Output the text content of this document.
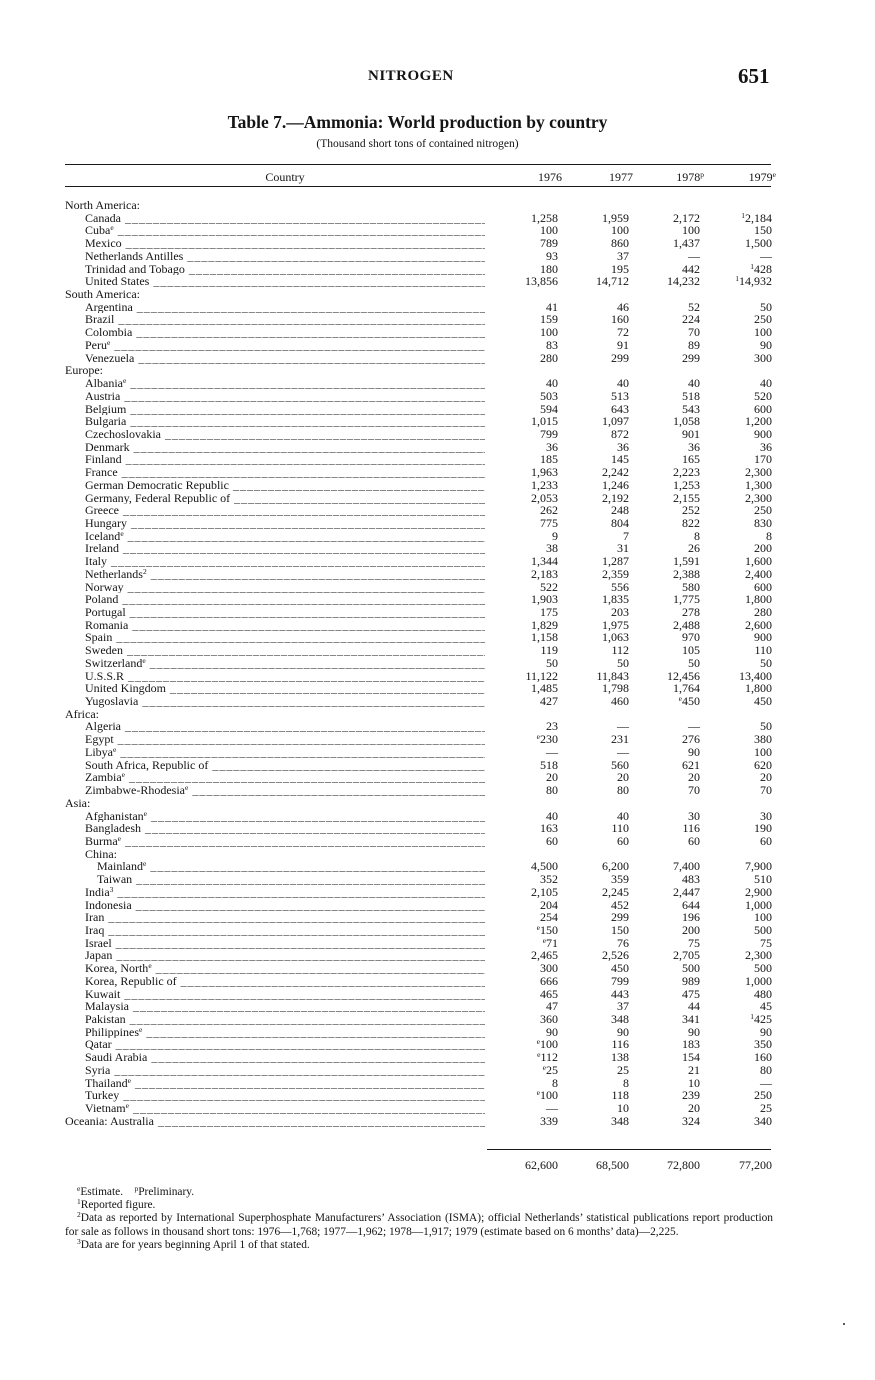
NITROGEN	651
Table 7.—Ammonia: World production by country
(Thousand short tons of contained nitrogen)
Country	1976	1977	1978$^p$	1979e
North America:
Canada _____	1,258	1,959	2,172	$^1$2,184
Cuba$^e$ _____	100	100	100	150
Mexico _____	789	860	1,437	1,500
Netherlands Antilles _____	93	37	—	—
Trinidad and Tobago _____	180	195	442	$^1$428
United States _____	13,856	14,712	14,232	$^1$14,932
South America:
Argentina _____	41	46	52	50
Brazil _____	159	160	224	250
Colombia _____	100	72	70	100
Peru$^e$ _____	83	91	89	90
Venezuela _____	280	299	299	300
Europe:
Albania$^e$ _____	40	40	40	40
Austria _____	503	513	518	520
Belgium _____	594	643	543	600
Bulgaria _____	1,015	1,097	1,058	1,200
Czechoslovakia _____	799	872	901	900
Denmark _____	36	36	36	36
Finland _____	185	145	165	170
France _____	1,963	2,242	2,223	2,300
German Democratic Republic _____	1,233	1,246	1,253	1,300
Germany, Federal Republic of _____	2,053	2,192	2,155	2,300
Greece _____	262	248	252	250
Hungary _____	775	804	822	830
Iceland$^e$ _____	9	7	8	8
Ireland _____	38	31	26	200
Italy _____	1,344	1,287	1,591	1,600
Netherlands$^2$ _____	2,183	2,359	2,388	2,400
Norway _____	522	556	580	600
Poland _____	1,903	1,835	1,775	1,800
Portugal _____	175	203	278	280
Romania _____	1,829	1,975	2,488	2,600
Spain _____	1,158	1,063	970	900
Sweden _____	119	112	105	110
Switzerland$^e$ _____	50	50	50	50
U.S.S.R _____	11,122	11,843	12,456	13,400
United Kingdom _____	1,485	1,798	1,764	1,800
Yugoslavia _____	427	460	$^e$450	450
Africa:
Algeria _____	23	—	—	50
Egypt _____	$^e$230	231	276	380
Libya$^e$ _____	—	—	90	100
South Africa, Republic of _____	518	560	621	620
Zambia$^e$ _____	20	20	20	20
Zimbabwe-Rhodesia$^e$ _____	80	80	70	70
Asia:
Afghanistan$^e$ _____	40	40	30	30
Bangladesh _____	163	110	116	190
Burma$^e$ _____	60	60	60	60
China:
Mainland$^e$ _____	4,500	6,200	7,400	7,900
Taiwan _____	352	359	483	510
India$^3$ _____	2,105	2,245	2,447	2,900
Indonesia _____	204	452	644	1,000
Iran _____	254	299	196	100
Iraq _____	$^e$150	150	200	500
Israel _____	$^e$71	76	75	75
Japan _____	2,465	2,526	2,705	2,300
Korea, North$^e$ _____	300	450	500	500
Korea, Republic of _____	666	799	989	1,000
Kuwait _____	465	443	475	480
Malaysia _____	47	37	44	45
Pakistan _____	360	348	341	$^1$425
Philippines$^e$ _____	90	90	90	90
Qatar _____	$^e$100	116	183	350
Saudi Arabia _____	$^e$112	138	154	160
Syria _____	$^e$25	25	21	80
Thailand$^e$ _____	8	8	10	—
Turkey _____	$^e$100	118	239	250
Vietnam$^e$ _____	—	10	20	25
Oceania: Australia _____	339	348	324	340
62,600	68,500	72,800	77,200

$^e$Estimate. $^p$Preliminary.

$^1$Reported figure.

$^2$Data as reported by International Superphosphate Manufacturers’ Association (ISMA); official Netherlands’ statistical publications report production for sale as follows in thousand short tons: 1976—1,768; 1977—1,962; 1978—1,917; 1979 (estimate based on 6 months’ data)—2,225.

$^3$Data are for years beginning April 1 of that stated.
